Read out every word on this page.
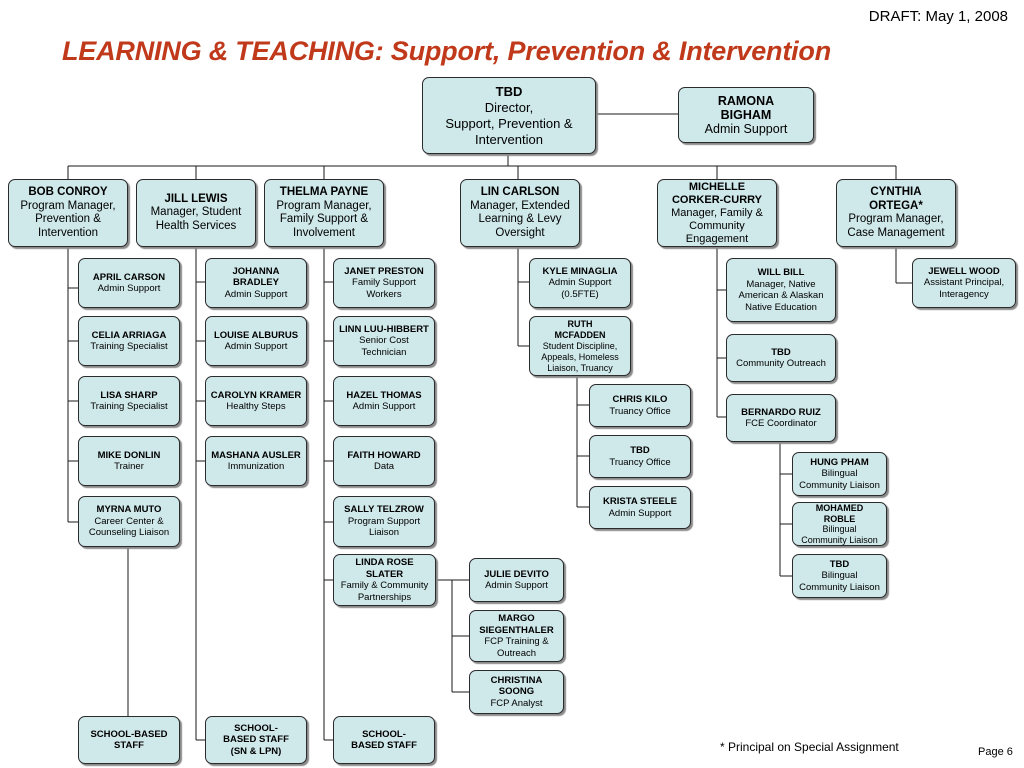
DRAFT: May 1, 2008
LEARNING & TEACHING: Support, Prevention & Intervention
TBD
Director,
Support, Prevention &
Intervention
RAMONA
BIGHAM
Admin Support
BOB CONROY
Program Manager,
Prevention &
Intervention
JILL LEWIS
Manager, Student
Health Services
THELMA PAYNE
Program Manager,
Family Support &
Involvement
LIN CARLSON
Manager, Extended
Learning & Levy
Oversight
MICHELLE
CORKER-CURRY
Manager, Family &
Community
Engagement
CYNTHIA
ORTEGA*
Program Manager,
Case Management
APRIL CARSON
Admin Support
CELIA ARRIAGA
Training Specialist
LISA SHARP
Training Specialist
MIKE DONLIN
Trainer
MYRNA MUTO
Career Center &
Counseling Liaison
SCHOOL-BASED
STAFF
JOHANNA
BRADLEY
Admin Support
LOUISE ALBURUS
Admin Support
CAROLYN KRAMER
Healthy Steps
MASHANA AUSLER
Immunization
SCHOOL-
BASED STAFF
(SN & LPN)
JANET PRESTON
Family Support
Workers
LINN LUU-HIBBERT
Senior Cost
Technician
HAZEL THOMAS
Admin Support
FAITH HOWARD
Data
SALLY TELZROW
Program Support
Liaison
LINDA ROSE
SLATER
Family & Community
Partnerships
SCHOOL-
BASED STAFF
JULIE DEVITO
Admin Support
MARGO
SIEGENTHALER
FCP Training &
Outreach
CHRISTINA
SOONG
FCP Analyst
KYLE MINAGLIA
Admin Support
(0.5FTE)
RUTH
MCFADDEN
Student Discipline,
Appeals, Homeless
Liaison, Truancy
CHRIS KILO
Truancy Office
TBD
Truancy Office
KRISTA STEELE
Admin Support
WILL BILL
Manager, Native
American & Alaskan
Native Education
TBD
Community Outreach
BERNARDO RUIZ
FCE Coordinator
HUNG PHAM
Bilingual
Community Liaison
MOHAMED
ROBLE
Bilingual
Community Liaison
TBD
Bilingual
Community Liaison
JEWELL WOOD
Assistant Principal,
Interagency
* Principal on Special Assignment	Page 6
